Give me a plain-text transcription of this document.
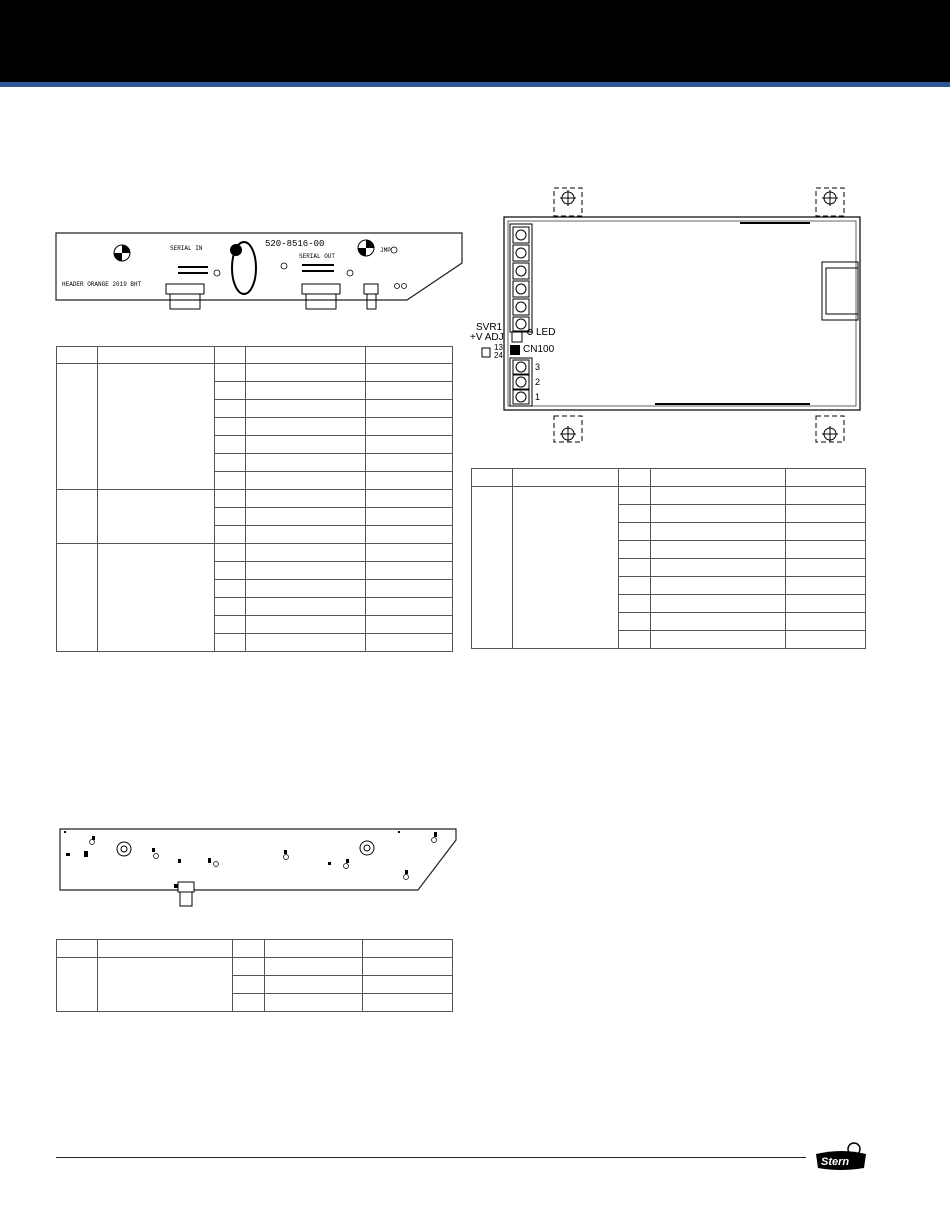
520-8516-00
SERIAL IN
SERIAL OUT
HEADER ORANGE 2019 BHT
JMP

SVR1
+V ADJ	LED
CN100
13
24
3
2
1

Stern
